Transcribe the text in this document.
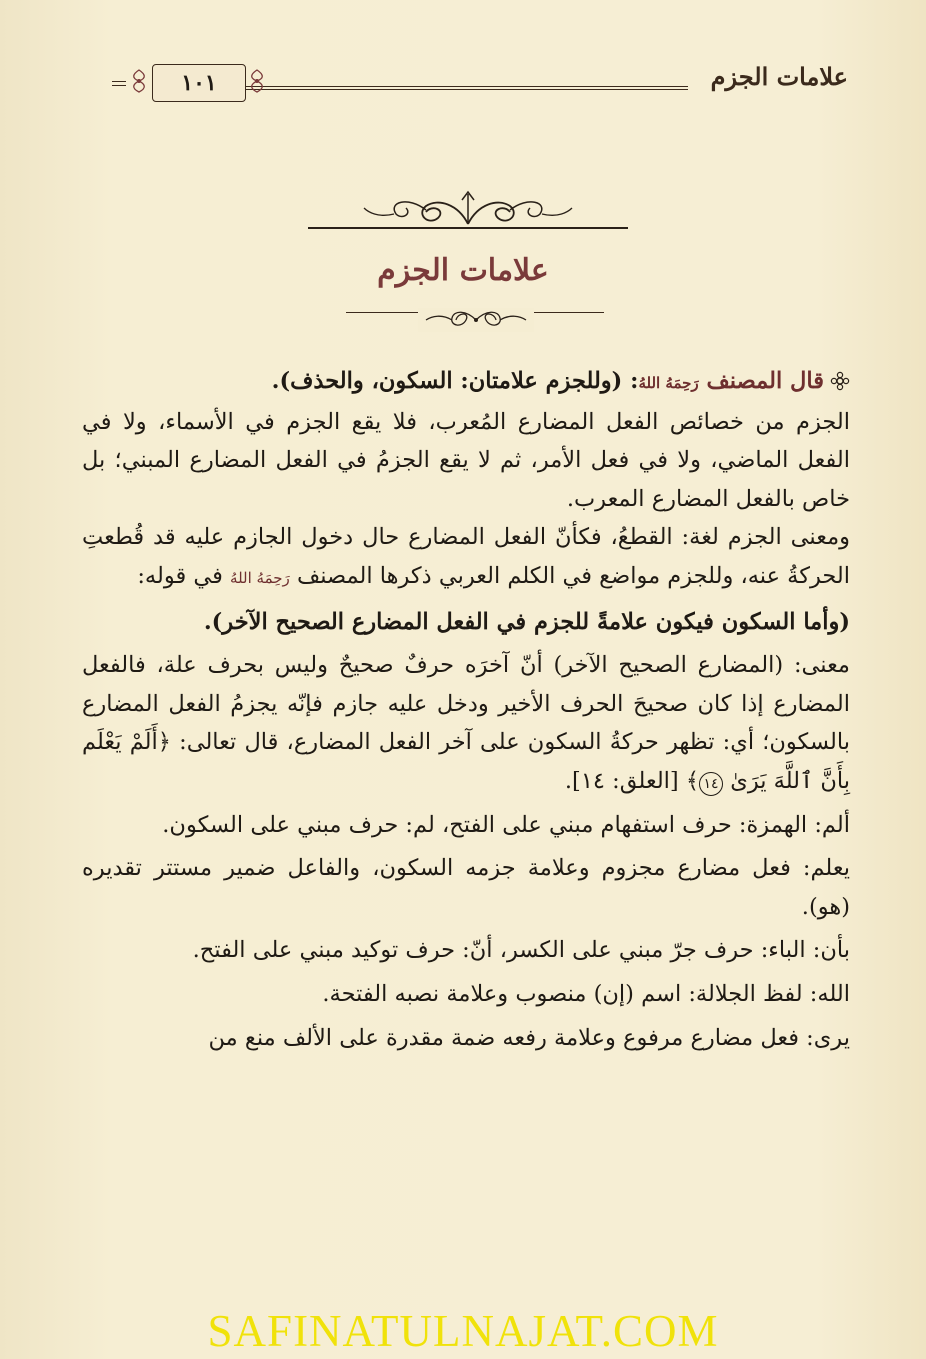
علامات الجزم
١٠١
علامات الجزم

قال المصنف رَحِمَهُ اللهُ: (وللجزم علامتان: السكون، والحذف).

الجزم من خصائص الفعل المضارع المُعرب، فلا يقع الجزم في الأسماء، ولا في الفعل الماضي، ولا في فعل الأمر، ثم لا يقع الجزمُ في الفعل المضارع المبني؛ بل خاص بالفعل المضارع المعرب.

ومعنى الجزم لغة: القطعُ، فكأنّ الفعل المضارع حال دخول الجازم عليه قد قُطعتِ الحركةُ عنه، وللجزم مواضع في الكلم العربي ذكرها المصنف رَحِمَهُ اللهُ في قوله:

(وأما السكون فيكون علامةً للجزم في الفعل المضارع الصحيح الآخر).

معنى: (المضارع الصحيح الآخر) أنّ آخرَه حرفٌ صحيحٌ وليس بحرف علة، فالفعل المضارع إذا كان صحيحَ الحرف الأخير ودخل عليه جازم فإنّه يجزمُ الفعل المضارع بالسكون؛ أي: تظهر حركةُ السكون على آخر الفعل المضارع، قال تعالى: ﴿أَلَمْ يَعْلَم بِأَنَّ ٱللَّهَ يَرَىٰ ١٤﴾ [العلق: ١٤].

ألم: الهمزة: حرف استفهام مبني على الفتح، لم: حرف مبني على السكون.

يعلم: فعل مضارع مجزوم وعلامة جزمه السكون، والفاعل ضمير مستتر تقديره (هو).

بأن: الباء: حرف جرّ مبني على الكسر، أنّ: حرف توكيد مبني على الفتح.

الله: لفظ الجلالة: اسم (إن) منصوب وعلامة نصبه الفتحة.

يرى: فعل مضارع مرفوع وعلامة رفعه ضمة مقدرة على الألف منع من

SAFINATULNAJAT.COM
